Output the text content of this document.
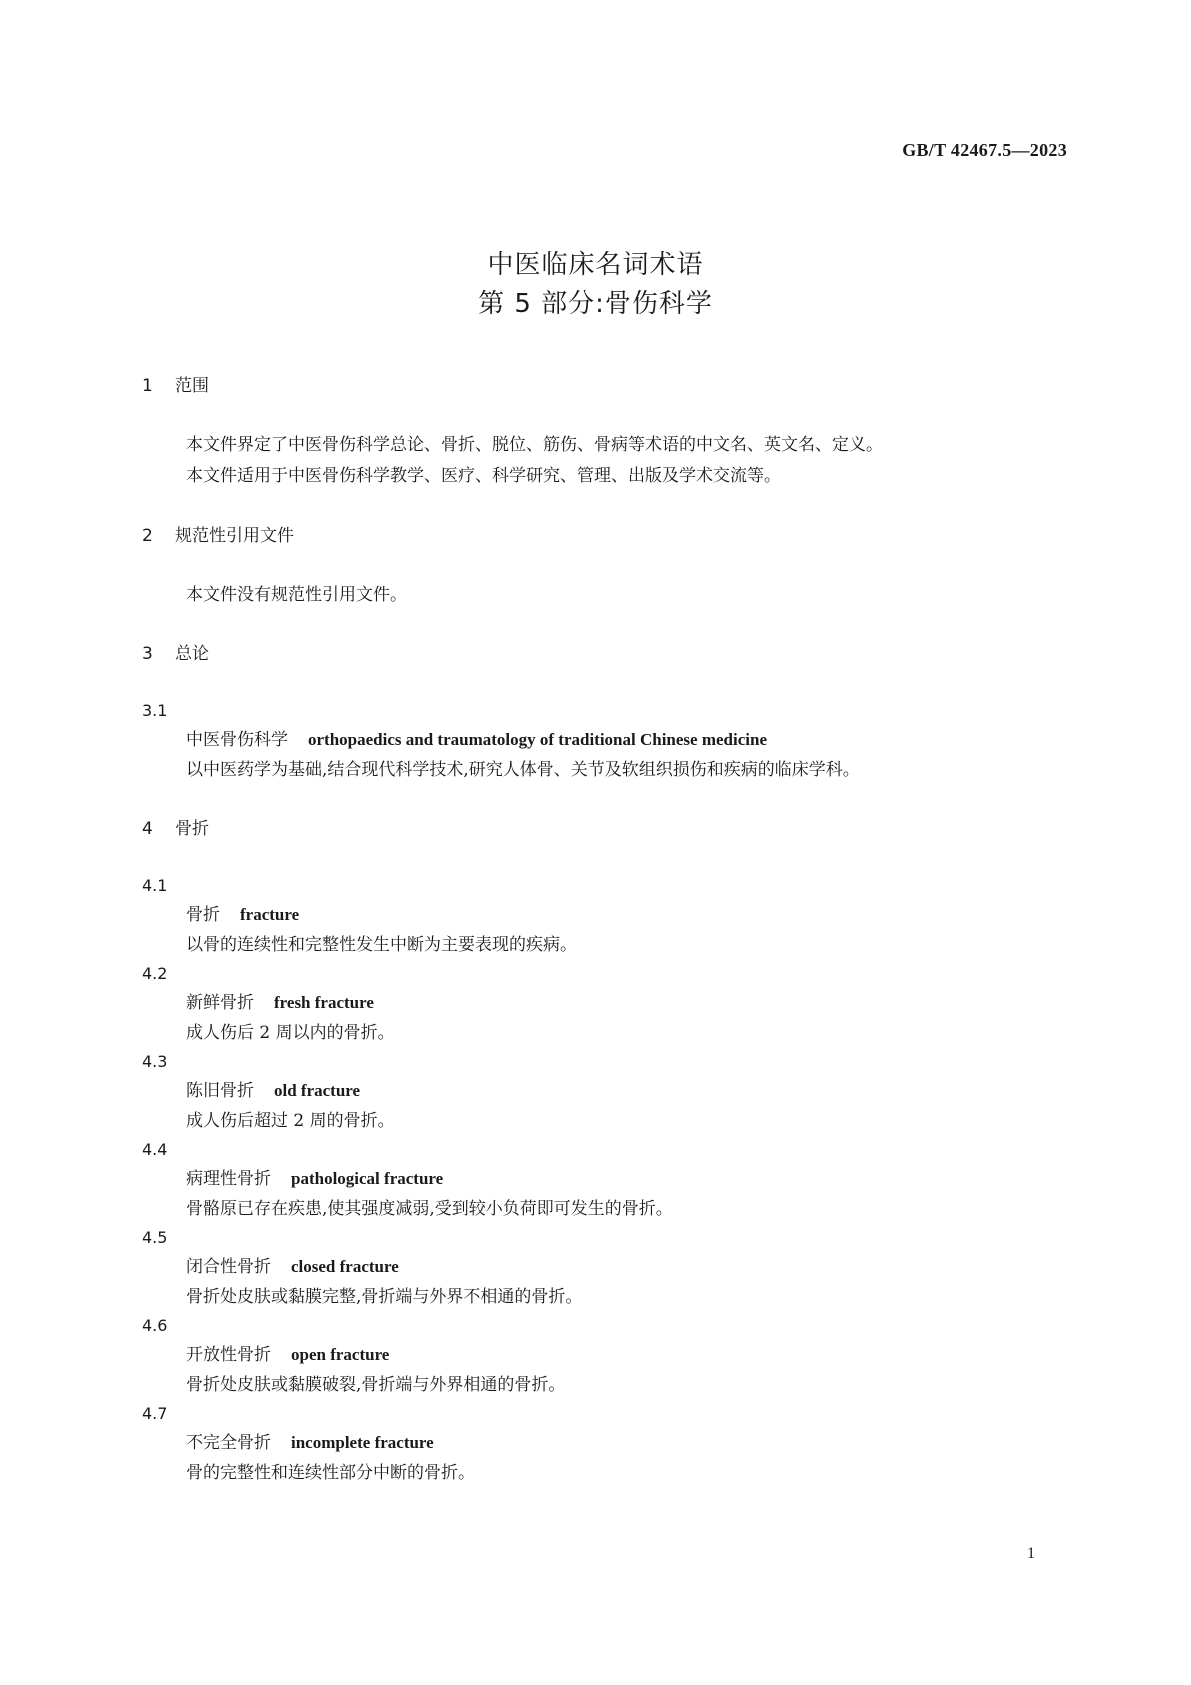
GB/T 42467.5—2023
中医临床名词术语
第 5 部分:骨伤科学
1 范围
本文件界定了中医骨伤科学总论、骨折、脱位、筋伤、骨病等术语的中文名、英文名、定义。
本文件适用于中医骨伤科学教学、医疗、科学研究、管理、出版及学术交流等。
2 规范性引用文件
本文件没有规范性引用文件。
3 总论
3.1
中医骨伤科学 orthopaedics and traumatology of traditional Chinese medicine
以中医药学为基础,结合现代科学技术,研究人体骨、关节及软组织损伤和疾病的临床学科。
4 骨折
4.1
骨折 fracture
以骨的连续性和完整性发生中断为主要表现的疾病。
4.2
新鲜骨折 fresh fracture
成人伤后 2 周以内的骨折。
4.3
陈旧骨折 old fracture
成人伤后超过 2 周的骨折。
4.4
病理性骨折 pathological fracture
骨骼原已存在疾患,使其强度减弱,受到较小负荷即可发生的骨折。
4.5
闭合性骨折 closed fracture
骨折处皮肤或黏膜完整,骨折端与外界不相通的骨折。
4.6
开放性骨折 open fracture
骨折处皮肤或黏膜破裂,骨折端与外界相通的骨折。
4.7
不完全骨折 incomplete fracture
骨的完整性和连续性部分中断的骨折。
1
